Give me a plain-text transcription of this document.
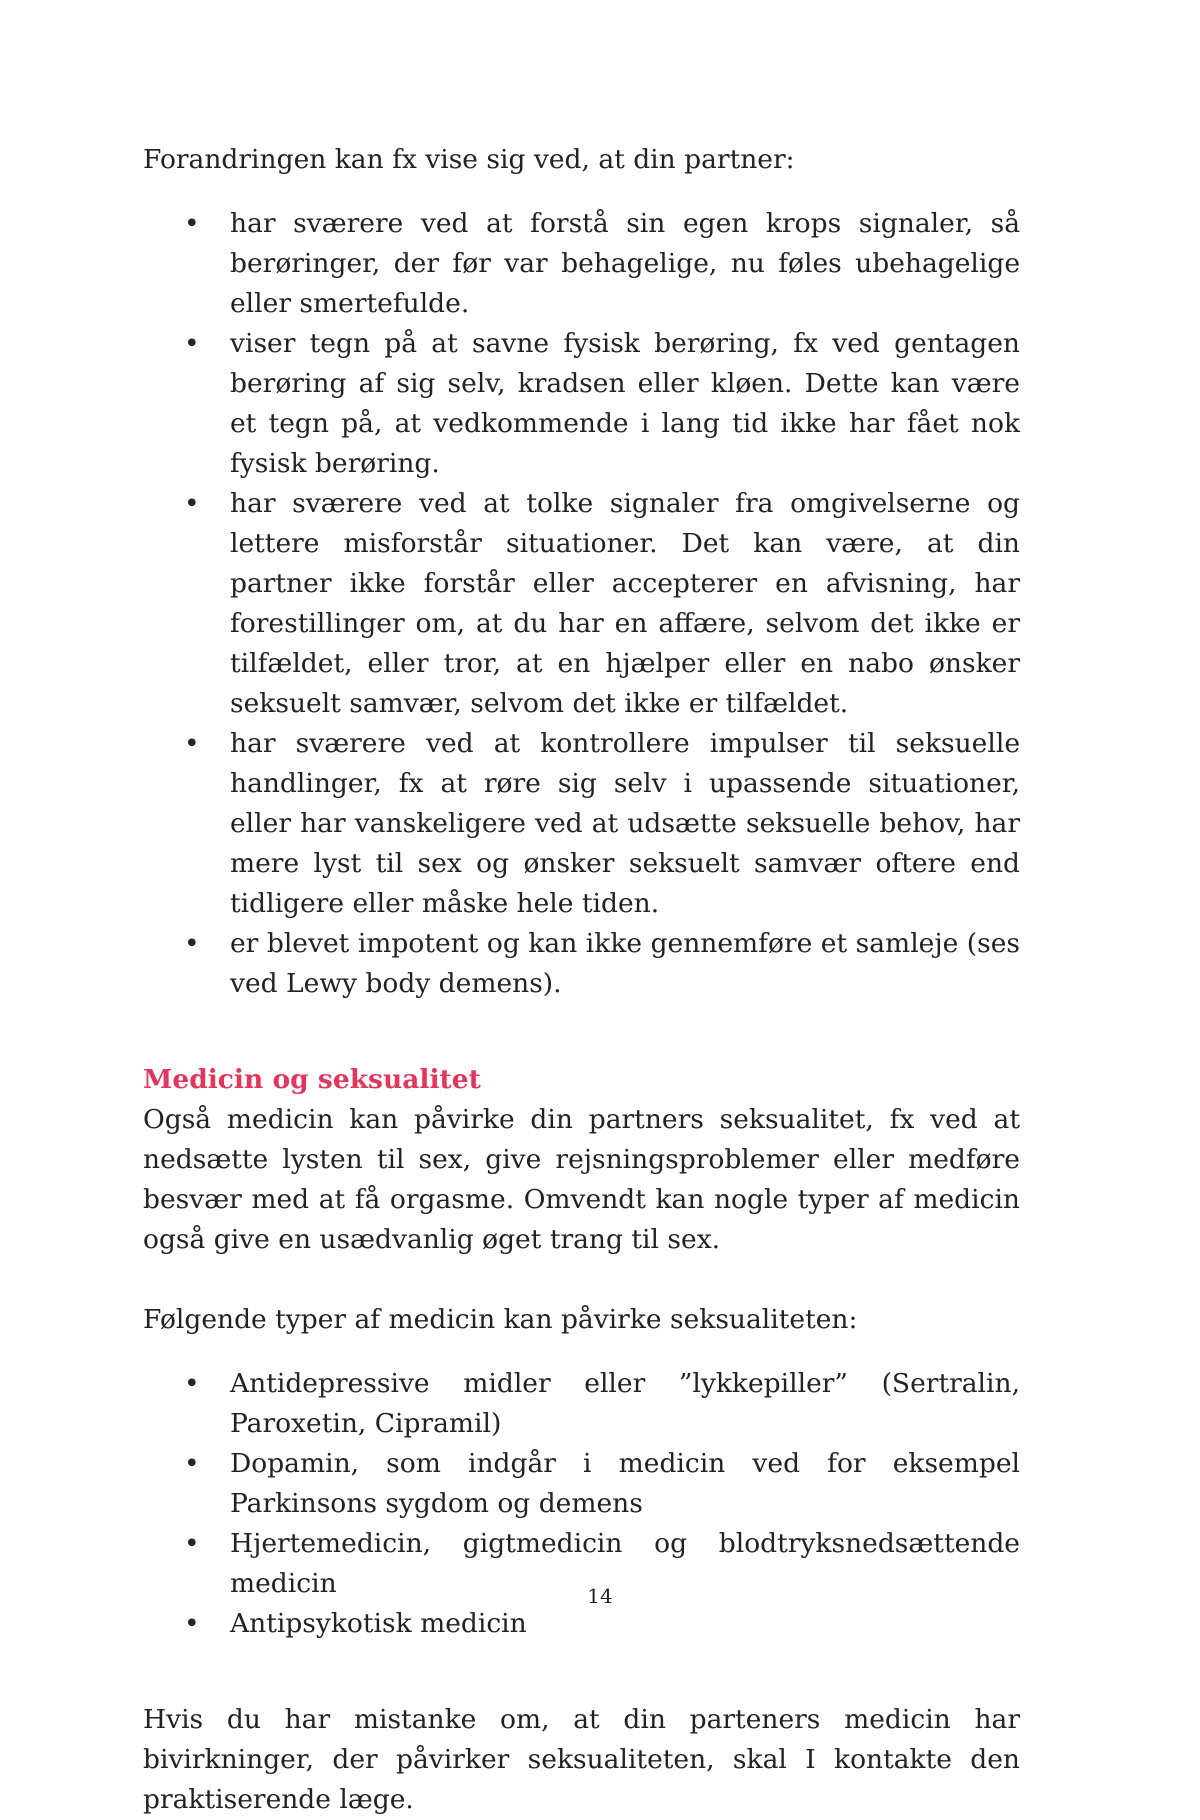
Forandringen kan fx vise sig ved, at din partner:

• har sværere ved at forstå sin egen krops signaler, så berøringer, der før var behagelige, nu føles ubehagelige eller smertefulde.
• viser tegn på at savne fysisk berøring, fx ved gentagen berøring af sig selv, kradsen eller kløen. Dette kan være et tegn på, at vedkommende i lang tid ikke har fået nok fysisk berøring.
• har sværere ved at tolke signaler fra omgivelserne og lettere misforstår situationer. Det kan være, at din partner ikke forstår eller accepterer en afvisning, har forestillinger om, at du har en affære, selvom det ikke er tilfældet, eller tror, at en hjælper eller en nabo ønsker seksuelt samvær, selvom det ikke er tilfældet.
• har sværere ved at kontrollere impulser til seksuelle handlinger, fx at røre sig selv i upassende situationer, eller har vanskeligere ved at udsætte seksuelle behov, har mere lyst til sex og ønsker seksuelt samvær oftere end tidligere eller måske hele tiden.
• er blevet impotent og kan ikke gennemføre et samleje (ses ved Lewy body demens).
Medicin og seksualitet

Også medicin kan påvirke din partners seksualitet, fx ved at nedsætte lysten til sex, give rejsningsproblemer eller medføre besvær med at få orgasme. Omvendt kan nogle typer af medicin også give en usædvanlig øget trang til sex.

Følgende typer af medicin kan påvirke seksualiteten:

• Antidepressive midler eller ”lykkepiller” (Sertralin, Paroxetin, Cipramil)
• Dopamin, som indgår i medicin ved for eksempel Parkinsons sygdom og demens
• Hjertemedicin, gigtmedicin og blodtryksnedsættende medicin
• Antipsykotisk medicin

Hvis du har mistanke om, at din parteners medicin har bivirkninger, der påvirker seksualiteten, skal I kontakte den praktiserende læge.

14
